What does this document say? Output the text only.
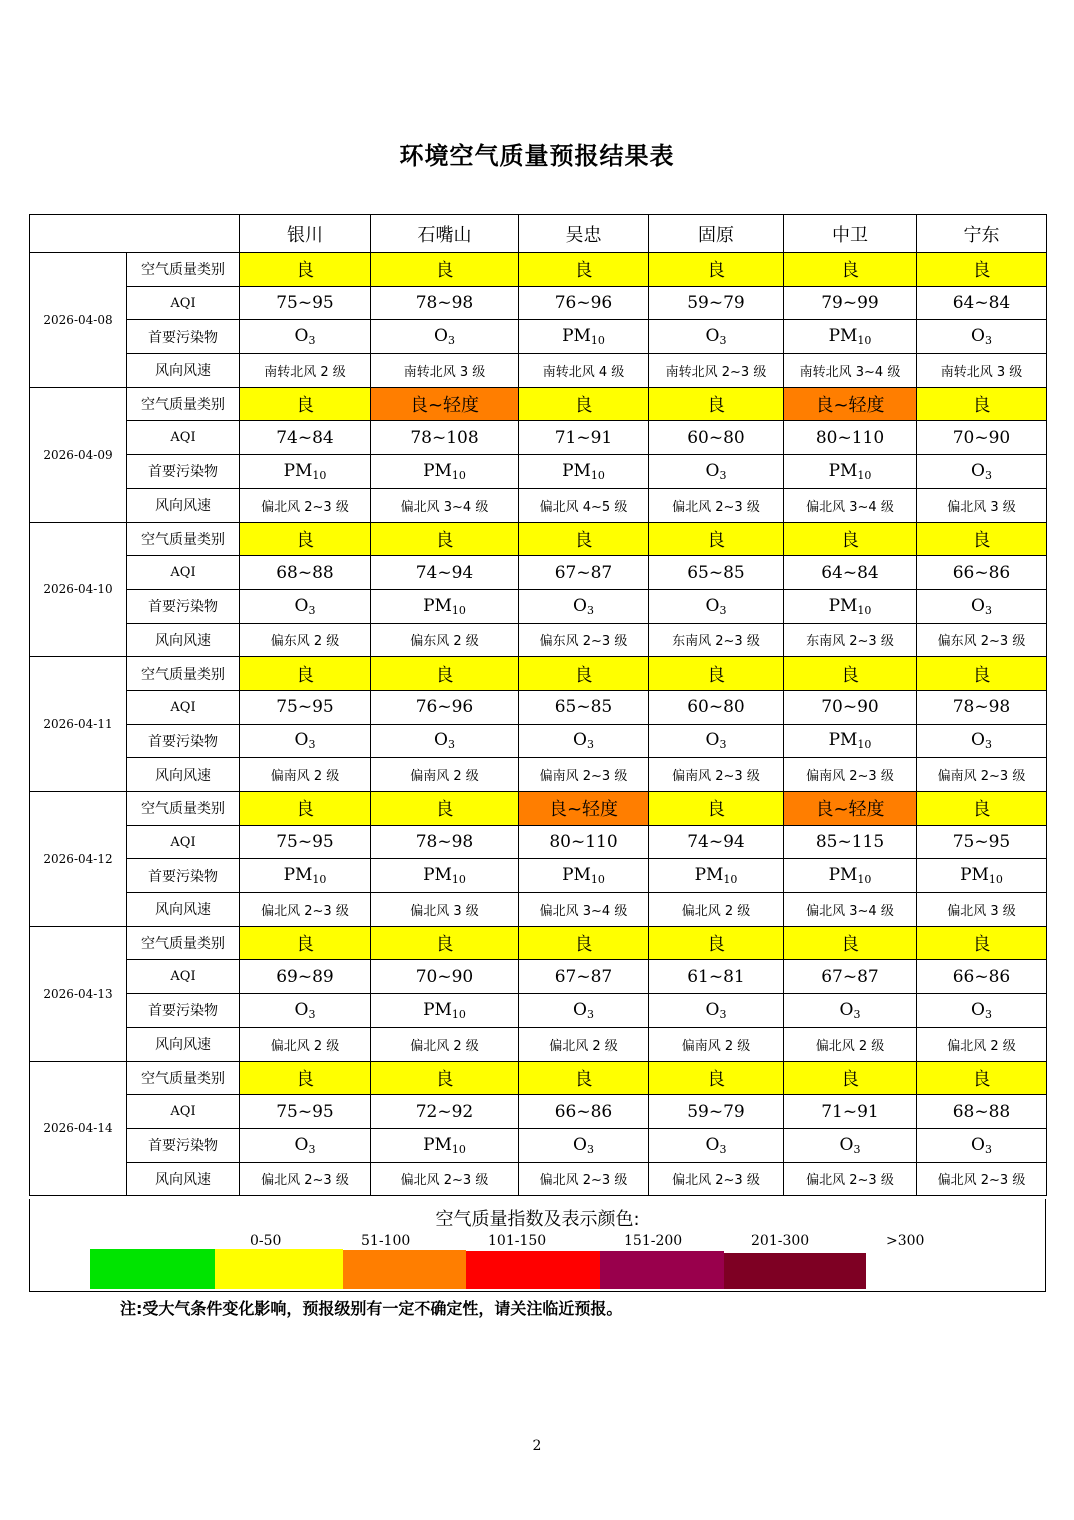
环境空气质量预报结果表
		银川	石嘴山	吴忠	固原	中卫	宁东
2026-04-08	空气质量类别	良	良	良	良	良	良
	AQI	75~95	78~98	76~96	59~79	79~99	64~84
	首要污染物	$O_3$	$O_3$	$PM_{10}$	$O_3$	$PM_{10}$	$O_3$
	风向风速	南转北风 2 级	南转北风 3 级	南转北风 4 级	南转北风 2~3 级	南转北风 3~4 级	南转北风 3 级
2026-04-09	空气质量类别	良	良~轻度	良	良	良~轻度	良
	AQI	74~84	78~108	71~91	60~80	80~110	70~90
	首要污染物	$PM_{10}$	$PM_{10}$	$PM_{10}$	$O_3$	$PM_{10}$	$O_3$
	风向风速	偏北风 2~3 级	偏北风 3~4 级	偏北风 4~5 级	偏北风 2~3 级	偏北风 3~4 级	偏北风 3 级
2026-04-10	空气质量类别	良	良	良	良	良	良
	AQI	68~88	74~94	67~87	65~85	64~84	66~86
	首要污染物	$O_3$	$PM_{10}$	$O_3$	$O_3$	$PM_{10}$	$O_3$
	风向风速	偏东风 2 级	偏东风 2 级	偏东风 2~3 级	东南风 2~3 级	东南风 2~3 级	偏东风 2~3 级
2026-04-11	空气质量类别	良	良	良	良	良	良
	AQI	75~95	76~96	65~85	60~80	70~90	78~98
	首要污染物	$O_3$	$O_3$	$O_3$	$O_3$	$PM_{10}$	$O_3$
	风向风速	偏南风 2 级	偏南风 2 级	偏南风 2~3 级	偏南风 2~3 级	偏南风 2~3 级	偏南风 2~3 级
2026-04-12	空气质量类别	良	良	良~轻度	良	良~轻度	良
	AQI	75~95	78~98	80~110	74~94	85~115	75~95
	首要污染物	$PM_{10}$	$PM_{10}$	$PM_{10}$	$PM_{10}$	$PM_{10}$	$PM_{10}$
	风向风速	偏北风 2~3 级	偏北风 3 级	偏北风 3~4 级	偏北风 2 级	偏北风 3~4 级	偏北风 3 级
2026-04-13	空气质量类别	良	良	良	良	良	良
	AQI	69~89	70~90	67~87	61~81	67~87	66~86
	首要污染物	$O_3$	$PM_{10}$	$O_3$	$O_3$	$O_3$	$O_3$
	风向风速	偏北风 2 级	偏北风 2 级	偏北风 2 级	偏南风 2 级	偏北风 2 级	偏北风 2 级
2026-04-14	空气质量类别	良	良	良	良	良	良
	AQI	75~95	72~92	66~86	59~79	71~91	68~88
	首要污染物	$O_3$	$PM_{10}$	$O_3$	$O_3$	$O_3$	$O_3$
	风向风速	偏北风 2~3 级	偏北风 2~3 级	偏北风 2~3 级	偏北风 2~3 级	偏北风 2~3 级	偏北风 2~3 级
空气质量指数及表示颜色:
0-50	51-100	101-150	151-200	201-300	>300
注:受大气条件变化影响，预报级别有一定不确定性，请关注临近预报。
2
